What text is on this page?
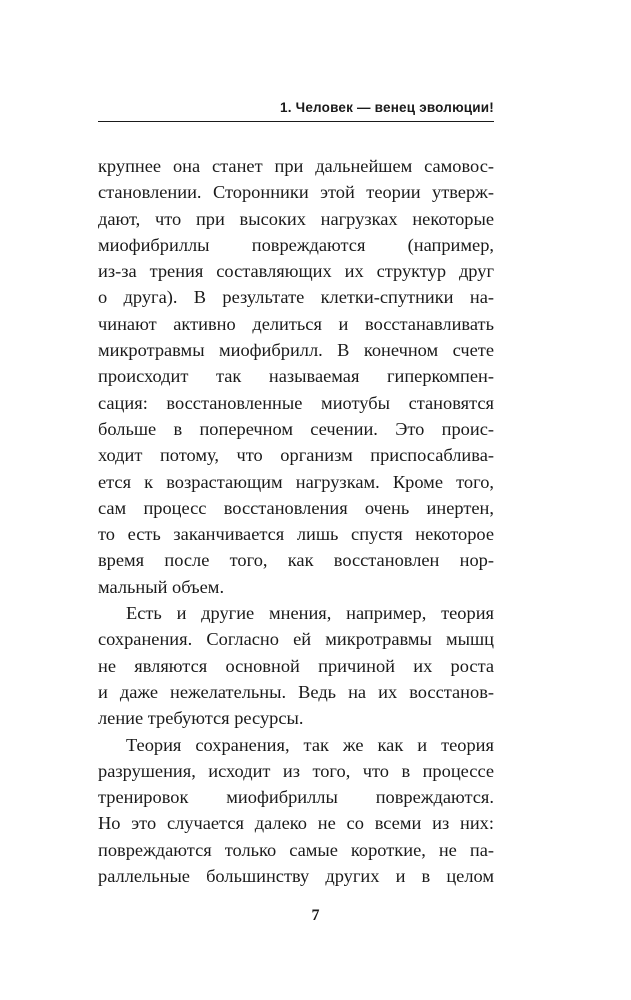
1. Человек — венец эволюции!
крупнее она станет при дальнейшем самовос-
становлении. Сторонники этой теории утверж-
дают, что при высоких нагрузках некоторые
миофибриллы повреждаются (например,
из-за трения составляющих их структур друг
о друга). В результате клетки-спутники на-
чинают активно делиться и восстанавливать
микротравмы миофибрилл. В конечном счете
происходит так называемая гиперкомпен-
сация: восстановленные миотубы становятся
больше в поперечном сечении. Это проис-
ходит потому, что организм приспосаблива-
ется к возрастающим нагрузкам. Кроме того,
сам процесс восстановления очень инертен,
то есть заканчивается лишь спустя некоторое
время после того, как восстановлен нор-
мальный объем.
Есть и другие мнения, например, теория
сохранения. Согласно ей микротравмы мышц
не являются основной причиной их роста
и даже нежелательны. Ведь на их восстанов-
ление требуются ресурсы.
Теория сохранения, так же как и теория
разрушения, исходит из того, что в процессе
тренировок миофибриллы повреждаются.
Но это случается далеко не со всеми из них:
повреждаются только самые короткие, не па-
раллельные большинству других и в целом
7
